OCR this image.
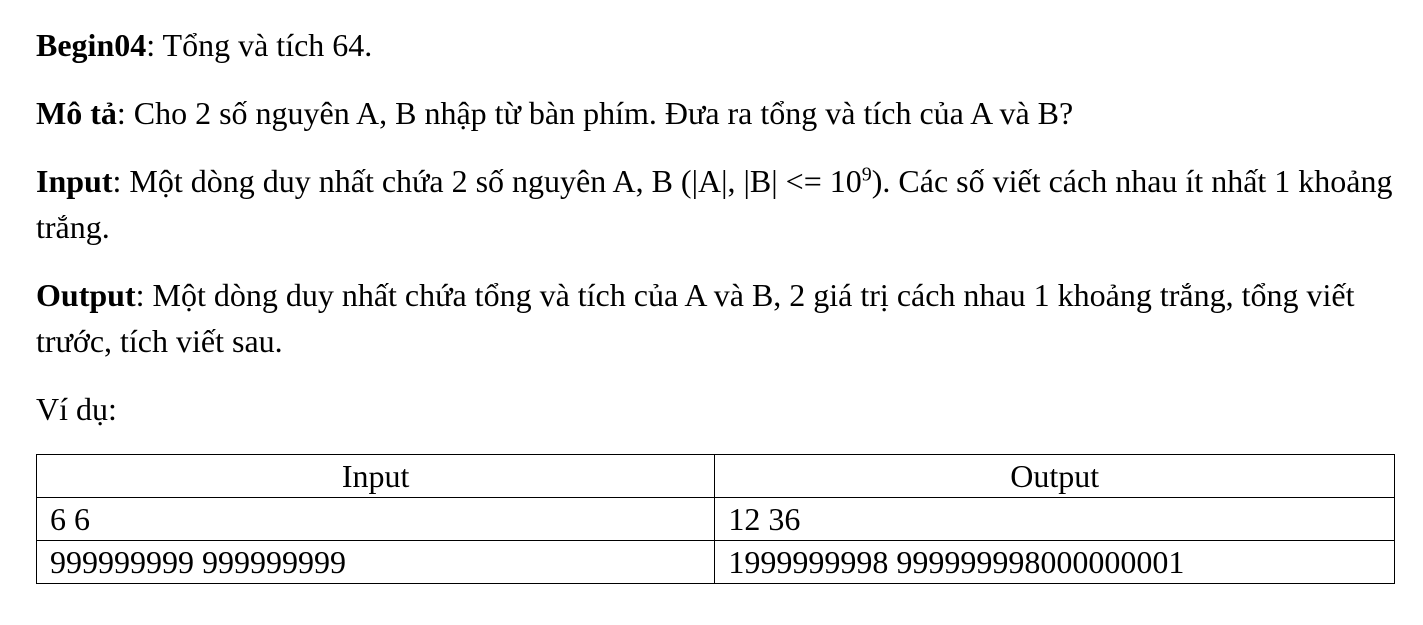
Begin04: Tổng và tích 64.

Mô tả: Cho 2 số nguyên A, B nhập từ bàn phím. Đưa ra tổng và tích của A và B?

Input: Một dòng duy nhất chứa 2 số nguyên A, B (|A|, $|B| <= 10^9$). Các số viết cách nhau ít nhất 1 khoảng trắng.

Output: Một dòng duy nhất chứa tổng và tích của A và B, 2 giá trị cách nhau 1 khoảng trắng, tổng viết trước, tích viết sau.

Ví dụ:

Input	Output
6 6	12 36
999999999 999999999	1999999998 999999998000000001
